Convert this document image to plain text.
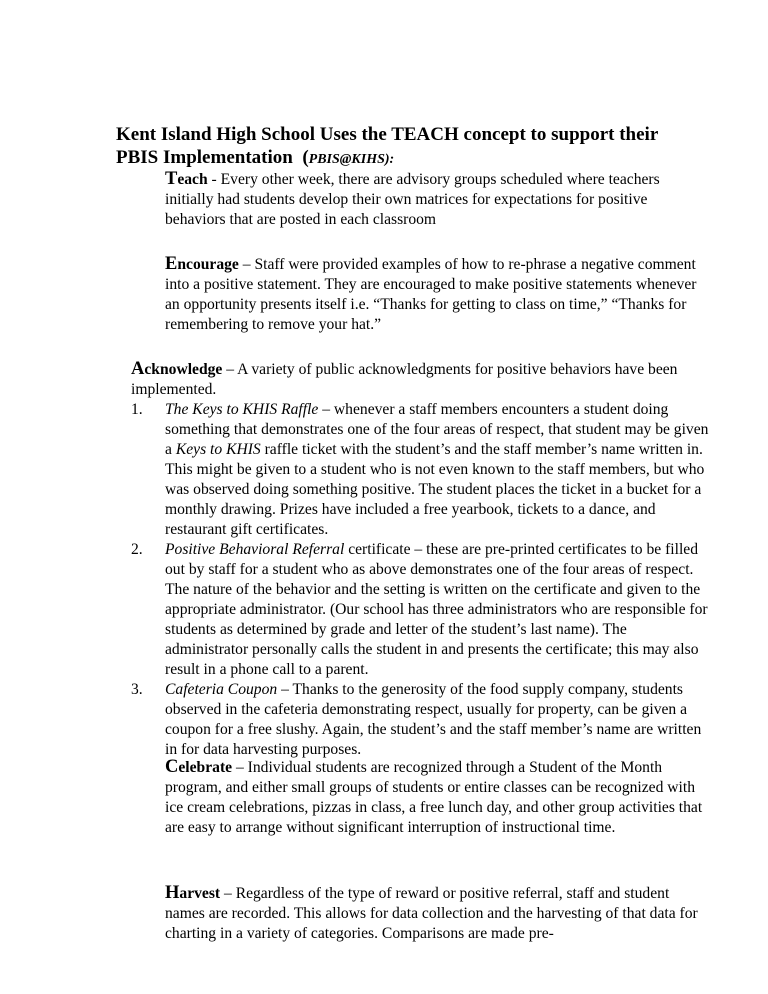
Kent Island High School Uses the TEACH concept to support their
PBIS Implementation (PBIS@KIHS):
Teach - Every other week, there are advisory groups scheduled where teachers initially had students develop their own matrices for expectations for positive behaviors that are posted in each classroom
Encourage – Staff were provided examples of how to re-phrase a negative comment into a positive statement. They are encouraged to make positive statements whenever an opportunity presents itself i.e. “Thanks for getting to class on time,” “Thanks for remembering to remove your hat.”
Acknowledge – A variety of public acknowledgments for positive behaviors have been implemented.
1. The Keys to KHIS Raffle – whenever a staff members encounters a student doing something that demonstrates one of the four areas of respect, that student may be given a Keys to KHIS raffle ticket with the student’s and the staff member’s name written in. This might be given to a student who is not even known to the staff members, but who was observed doing something positive. The student places the ticket in a bucket for a monthly drawing. Prizes have included a free yearbook, tickets to a dance, and restaurant gift certificates.
2. Positive Behavioral Referral certificate – these are pre-printed certificates to be filled out by staff for a student who as above demonstrates one of the four areas of respect. The nature of the behavior and the setting is written on the certificate and given to the appropriate administrator. (Our school has three administrators who are responsible for students as determined by grade and letter of the student’s last name). The administrator personally calls the student in and presents the certificate; this may also result in a phone call to a parent.
3. Cafeteria Coupon – Thanks to the generosity of the food supply company, students observed in the cafeteria demonstrating respect, usually for property, can be given a coupon for a free slushy. Again, the student’s and the staff member’s name are written in for data harvesting purposes.
Celebrate – Individual students are recognized through a Student of the Month program, and either small groups of students or entire classes can be recognized with ice cream celebrations, pizzas in class, a free lunch day, and other group activities that are easy to arrange without significant interruption of instructional time.
Harvest – Regardless of the type of reward or positive referral, staff and student names are recorded. This allows for data collection and the harvesting of that data for charting in a variety of categories. Comparisons are made pre-
